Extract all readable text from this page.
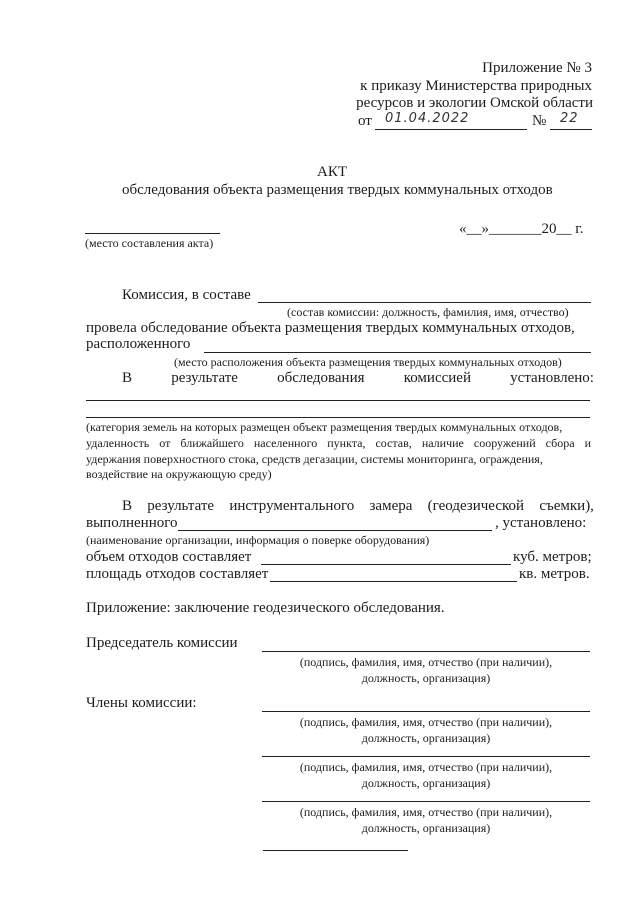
Приложение № 3
к приказу Министерства природных
ресурсов и экологии Омской области
от 01.04.2022	№ 22
АКТ
обследования объекта размещения твердых коммунальных отходов
(место составления акта)
«__»_______20__ г.
Комиссия, в составе
(состав комиссии: должность, фамилия, имя, отчество)
провела обследование объекта размещения твердых коммунальных отходов,
расположенного
(место расположения объекта размещения твердых коммунальных отходов)
В	результате	обследования	комиссией	установлено:
(категория земель на которых размещен объект размещения твердых коммунальных отходов,
удаленность от ближайшего населенного пункта, состав, наличие сооружений сбора и
удержания поверхностного стока, средств дегазации, системы мониторинга, ограждения,
воздействие на окружающую среду)
В результате инструментального замера (геодезической съемки),
выполненного	, установлено:
(наименование организации, информация о поверке оборудования)
объем отходов составляет	куб. метров;
площадь отходов составляет	кв. метров.
Приложение: заключение геодезического обследования.
Председатель комиссии
(подпись, фамилия, имя, отчество (при наличии),
должность, организация)
Члены комиссии:
(подпись, фамилия, имя, отчество (при наличии),
должность, организация)
(подпись, фамилия, имя, отчество (при наличии),
должность, организация)
(подпись, фамилия, имя, отчество (при наличии),
должность, организация)
